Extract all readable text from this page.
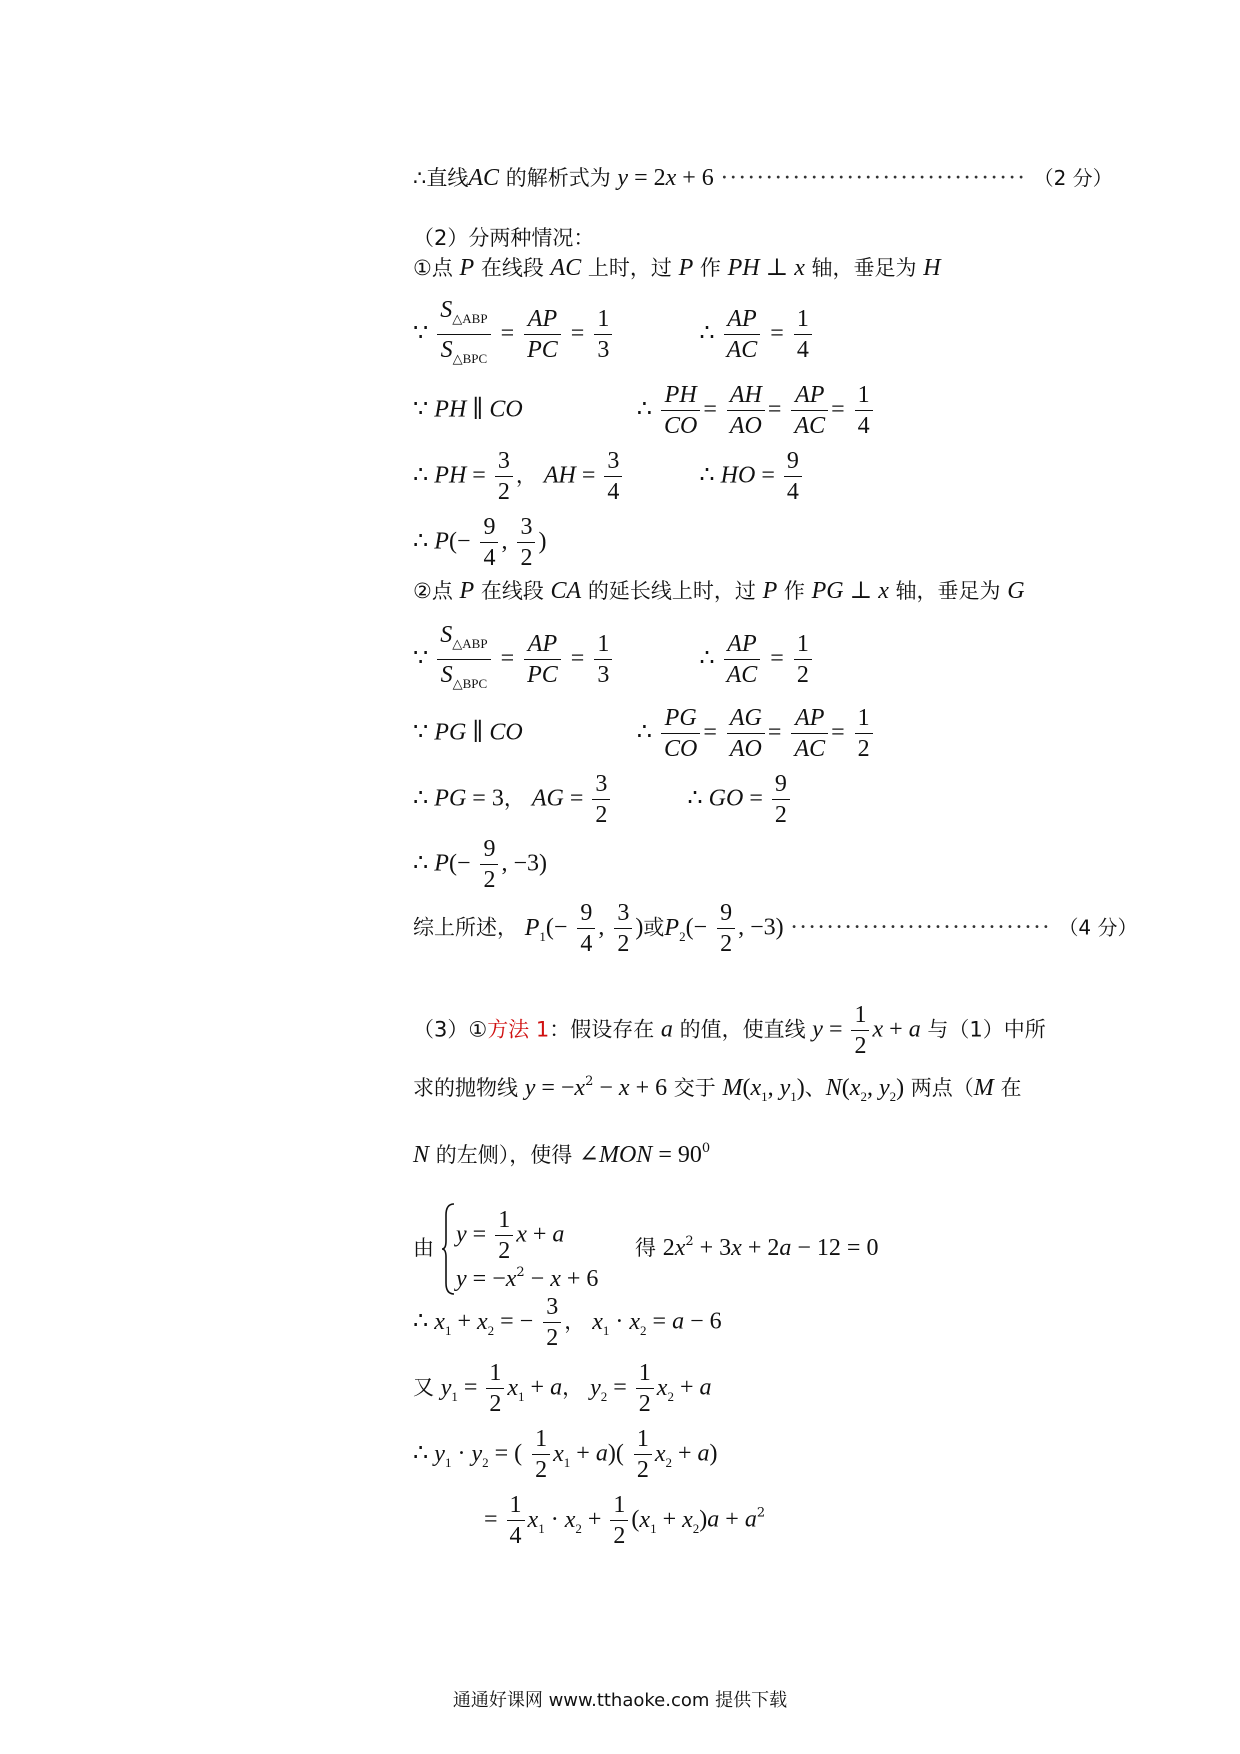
∴直线AC 的解析式为 y = 2x + 6 ·································· （2 分）
（2）分两种情况：
①点 P 在线段 AC 上时，过 P 作 PH ⊥ x 轴，垂足为 H
∵ $\frac{S_{\triangle ABP}}{S_{\triangle BPC}} = \frac{AP}{PC} = \frac{1}{3}$	∴ $\frac{AP}{AC} = \frac{1}{4}$
∵ PH ∥ CO	∴ $\frac{PH}{CO} = \frac{AH}{AO} = \frac{AP}{AC} = \frac{1}{4}$
∴ PH = $\frac{3}{2}$ ， AH = $\frac{3}{4}$	∴ HO = $\frac{9}{4}$
∴ $P(- \frac{9}{4}$ , $\frac{3}{2}$ )
②点 P 在线段 CA 的延长线上时，过 P 作 PG ⊥ x 轴，垂足为 G
∵ $\frac{S_{\triangle ABP}}{S_{\triangle BPC}} = \frac{AP}{PC} = \frac{1}{3}$	∴ $\frac{AP}{AC} = \frac{1}{2}$
∵ PG ∥ CO	∴ $\frac{PG}{CO} = \frac{AG}{AO} = \frac{AP}{AC} = \frac{1}{2}$
∴ PG = 3， AG = $\frac{3}{2}$	∴ GO = $\frac{9}{2}$
∴ $P(- \frac{9}{2}$ , −3)
综上所述， $P_1(- \frac{9}{4}$ , $\frac{3}{2}$ )或$P_2(- \frac{9}{2}$ , −3) ····························· （4 分）
（3）①方法 1：假设存在 a 的值，使直线 $y = \frac{1}{2}$ x + a 与（1）中所
求的抛物线 $y = -x^2 - x + 6$ 交于 $M(x_1$, $y_1$)、$N(x_2$, $y_2$) 两点（M 在
N 的左侧），使得 ∠MON = $90^0$
由
$y = \frac{1}{2}$ x + a
$y = -x^2 - x + 6$
得 $2x^2 + 3x + 2a - 12 = 0$
∴ $x_1 + x_2$ = − $\frac{3}{2}$ ， $x_1 \cdot x_2 = a - 6$
又 $y_1 = \frac{1}{2} x_1 + a$， $y_2 = \frac{1}{2} x_2 + a$
∴ $y_1 \cdot y_2$ = ( $\frac{1}{2} x_1 + a)( \frac{1}{2} x_2 + a)$
= $\frac{1}{4} x_1 \cdot x_2 + \frac{1}{2} (x_1 + x_2)a + a^2$
通通好课网 www.tthaoke.com 提供下载
